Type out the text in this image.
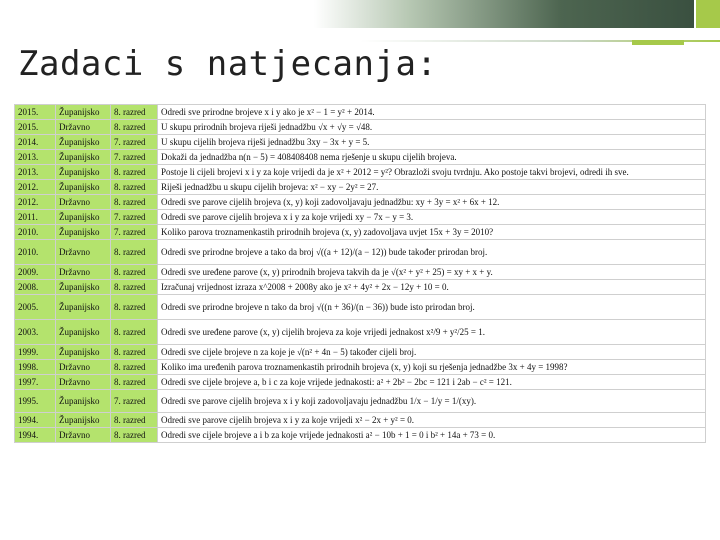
Zadaci s natjecanja:
2015.	Županijsko	8. razred	Odredi sve prirodne brojeve x i y ako je x² − 1 = y² + 2014.
2015.	Državno	8. razred	U skupu prirodnih brojeva riješi jednadžbu √x + √y = √48.
2014.	Županijsko	7. razred	U skupu cijelih brojeva riješi jednadžbu 3xy − 3x + y = 5.
2013.	Županijsko	7. razred	Dokaži da jednadžba n(n − 5) = 408408408 nema rješenje u skupu cijelih brojeva.
2013.	Županijsko	8. razred	Postoje li cijeli brojevi x i y za koje vrijedi da je x² + 2012 = y²? Obrazloži svoju tvrdnju. Ako postoje takvi brojevi, odredi ih sve.
2012.	Županijsko	8. razred	Riješi jednadžbu u skupu cijelih brojeva: x² − xy − 2y² = 27.
2012.	Državno	8. razred	Odredi sve parove cijelih brojeva (x, y) koji zadovoljavaju jednadžbu: xy + 3y = x² + 6x + 12.
2011.	Županijsko	7. razred	Odredi sve parove cijelih brojeva x i y za koje vrijedi xy − 7x − y = 3.
2010.	Županijsko	7. razred	Koliko parova troznamenkastih prirodnih brojeva (x, y) zadovoljava uvjet 15x + 3y = 2010?
2010.	Državno	8. razred	Odredi sve prirodne brojeve a tako da broj √((a + 12)/(a − 12)) bude također prirodan broj.
2009.	Državno	8. razred	Odredi sve uređene parove (x, y) prirodnih brojeva takvih da je √(x² + y² + 25) = xy + x + y.
2008.	Županijsko	8. razred	Izračunaj vrijednost izraza x^2008 + 2008y ako je x² + 4y² + 2x − 12y + 10 = 0.
2005.	Županijsko	8. razred	Odredi sve prirodne brojeve n tako da broj √((n + 36)/(n − 36)) bude isto prirodan broj.
2003.	Županijsko	8. razred	Odredi sve uređene parove (x, y) cijelih brojeva za koje vrijedi jednakost x²/9 + y²/25 = 1.
1999.	Županijsko	8. razred	Odredi sve cijele brojeve n za koje je √(n² + 4n − 5) također cijeli broj.
1998.	Državno	8. razred	Koliko ima uređenih parova troznamenkastih prirodnih brojeva (x, y) koji su rješenja jednadžbe 3x + 4y = 1998?
1997.	Državno	8. razred	Odredi sve cijele brojeve a, b i c za koje vrijede jednakosti: a² + 2b² − 2bc = 121 i 2ab − c² = 121.
1995.	Županijsko	7. razred	Odredi sve parove cijelih brojeva x i y koji zadovoljavaju jednadžbu 1/x − 1/y = 1/(xy).
1994.	Županijsko	8. razred	Odredi sve parove cijelih brojeva x i y za koje vrijedi x² − 2x + y² = 0.
1994.	Državno	8. razred	Odredi sve cijele brojeve a i b za koje vrijede jednakosti a² − 10b + 1 = 0 i b² + 14a + 73 = 0.
